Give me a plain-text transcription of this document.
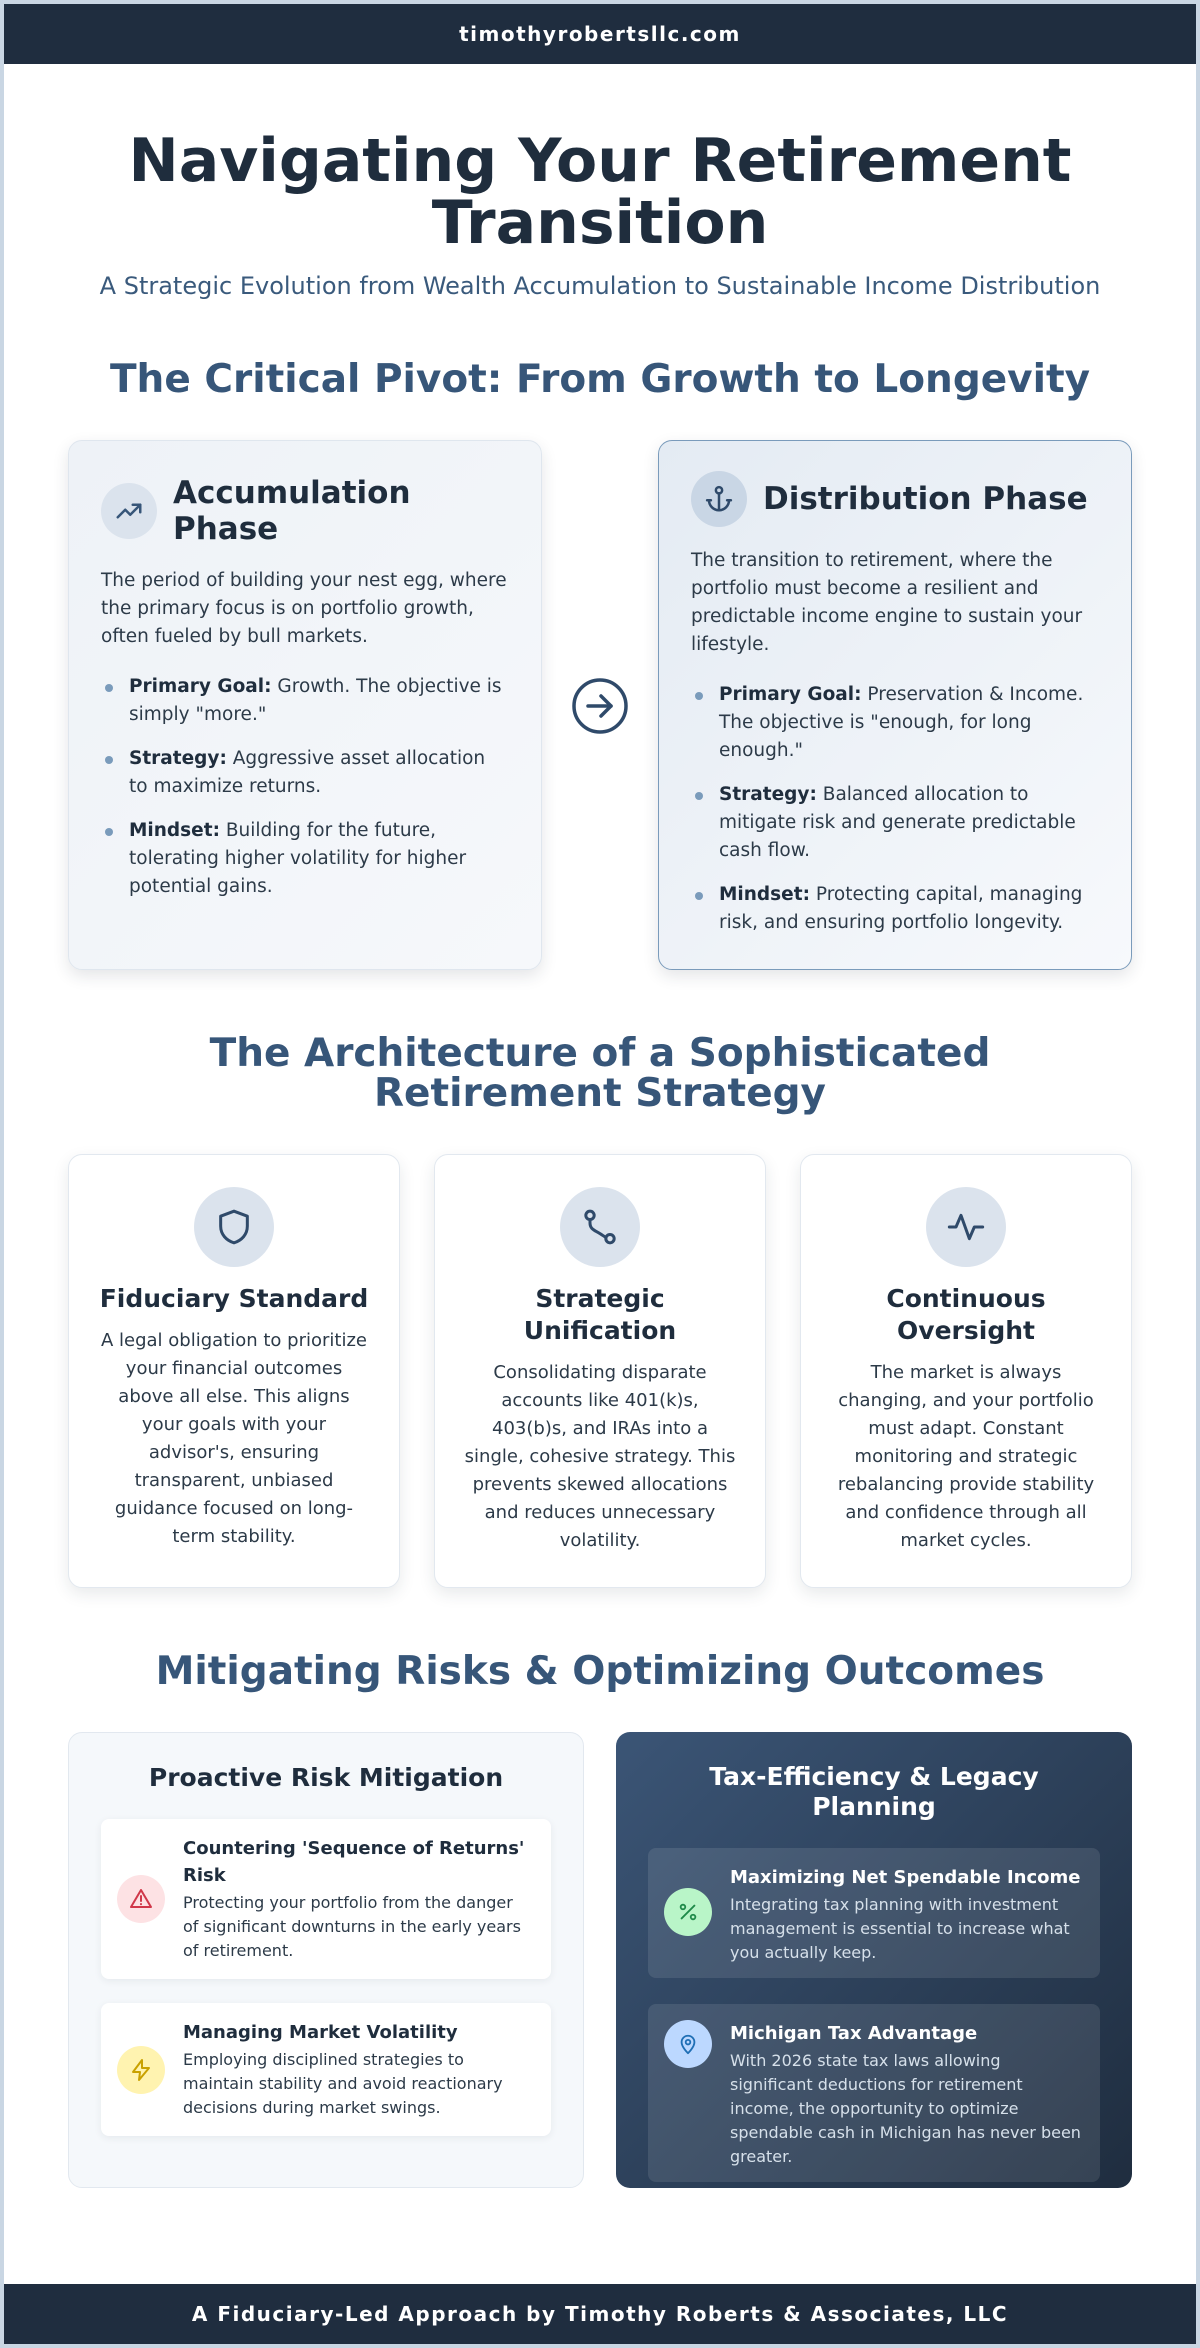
timothyrobertsllc.com
Navigating Your Retirement Transition

A Strategic Evolution from Wealth Accumulation to Sustainable Income Distribution

The Critical Pivot: From Growth to Longevity
Accumulation Phase

The period of building your nest egg, where the primary focus is on portfolio growth, often fueled by bull markets.

Primary Goal: Growth. The objective is simply "more."
Strategy: Aggressive asset allocation to maximize returns.
Mindset: Building for the future, tolerating higher volatility for higher potential gains.
Distribution Phase

The transition to retirement, where the portfolio must become a resilient and predictable income engine to sustain your lifestyle.

Primary Goal: Preservation & Income. The objective is "enough, for long enough."
Strategy: Balanced allocation to mitigate risk and generate predictable cash flow.
Mindset: Protecting capital, managing risk, and ensuring portfolio longevity.
The Architecture of a Sophisticated Retirement Strategy
Fiduciary Standard

A legal obligation to prioritize your financial outcomes above all else. This aligns your goals with your advisor's, ensuring transparent, unbiased guidance focused on long-term stability.

Strategic Unification

Consolidating disparate accounts like 401(k)s, 403(b)s, and IRAs into a single, cohesive strategy. This prevents skewed allocations and reduces unnecessary volatility.

Continuous Oversight

The market is always changing, and your portfolio must adapt. Constant monitoring and strategic rebalancing provide stability and confidence through all market cycles.

Mitigating Risks & Optimizing Outcomes
Proactive Risk Mitigation
Countering 'Sequence of Returns' Risk
Protecting your portfolio from the danger of significant downturns in the early years of retirement.
Managing Market Volatility
Employing disciplined strategies to maintain stability and avoid reactionary decisions during market swings.
Tax-Efficiency & Legacy Planning
Maximizing Net Spendable Income
Integrating tax planning with investment management is essential to increase what you actually keep.
Michigan Tax Advantage
With 2026 state tax laws allowing significant deductions for retirement income, the opportunity to optimize spendable cash in Michigan has never been greater.
A Fiduciary-Led Approach by Timothy Roberts & Associates, LLC
